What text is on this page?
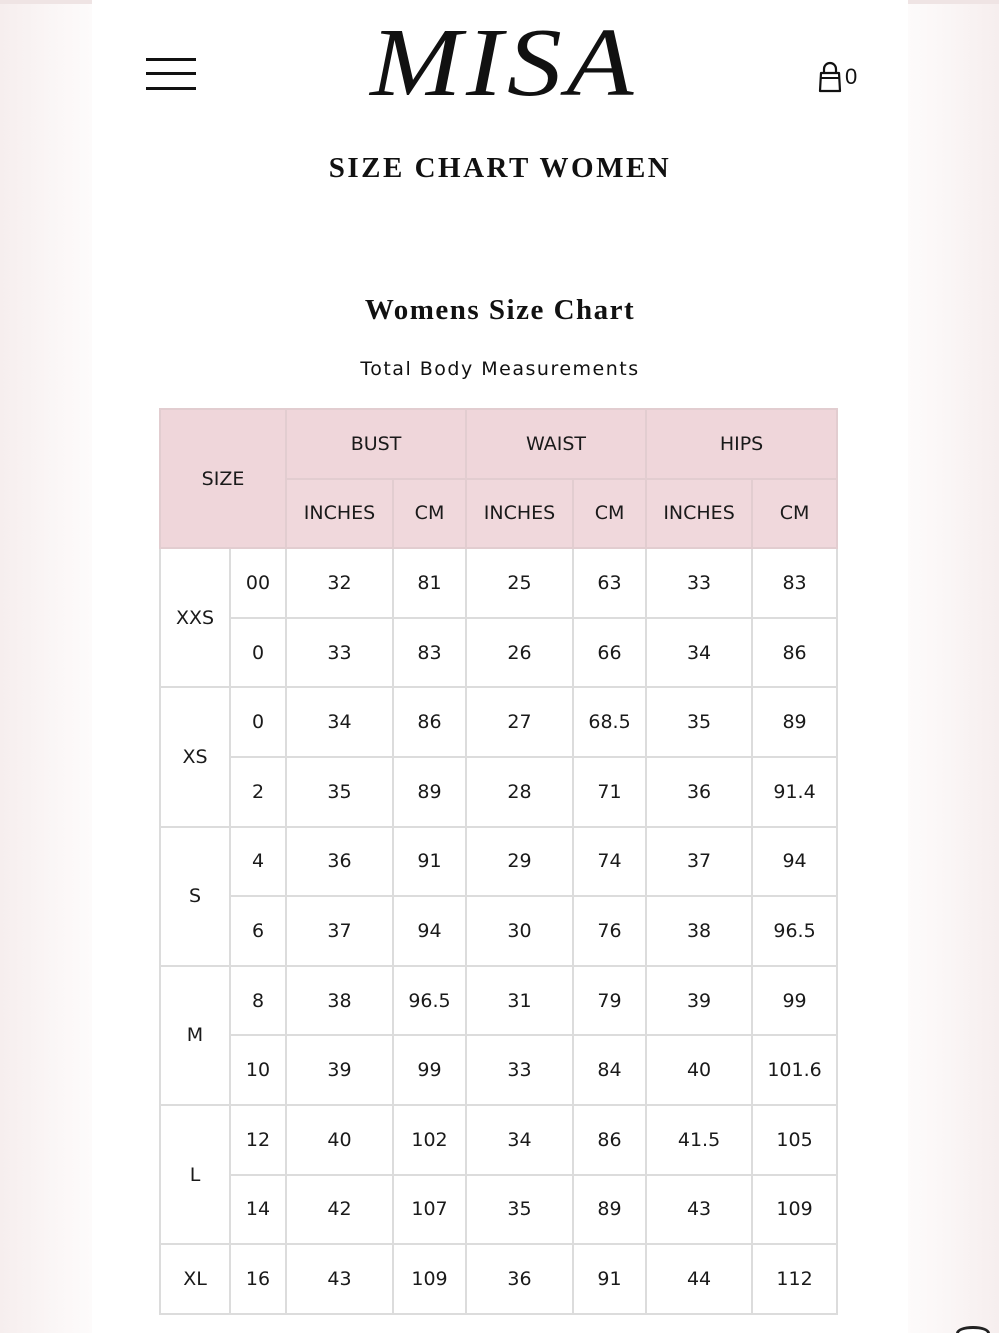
MISA	0
SIZE CHART WOMEN
Womens Size Chart
Total Body Measurements
SIZE		BUST		WAIST		HIPS	
		INCHES	CM	INCHES	CM	INCHES	CM
XXS	00	32	81	25	63	33	83
	0	33	83	26	66	34	86
XS	0	34	86	27	68.5	35	89
	2	35	89	28	71	36	91.4
S	4	36	91	29	74	37	94
	6	37	94	30	76	38	96.5
M	8	38	96.5	31	79	39	99
	10	39	99	33	84	40	101.6
L	12	40	102	34	86	41.5	105
	14	42	107	35	89	43	109
XL	16	43	109	36	91	44	112
